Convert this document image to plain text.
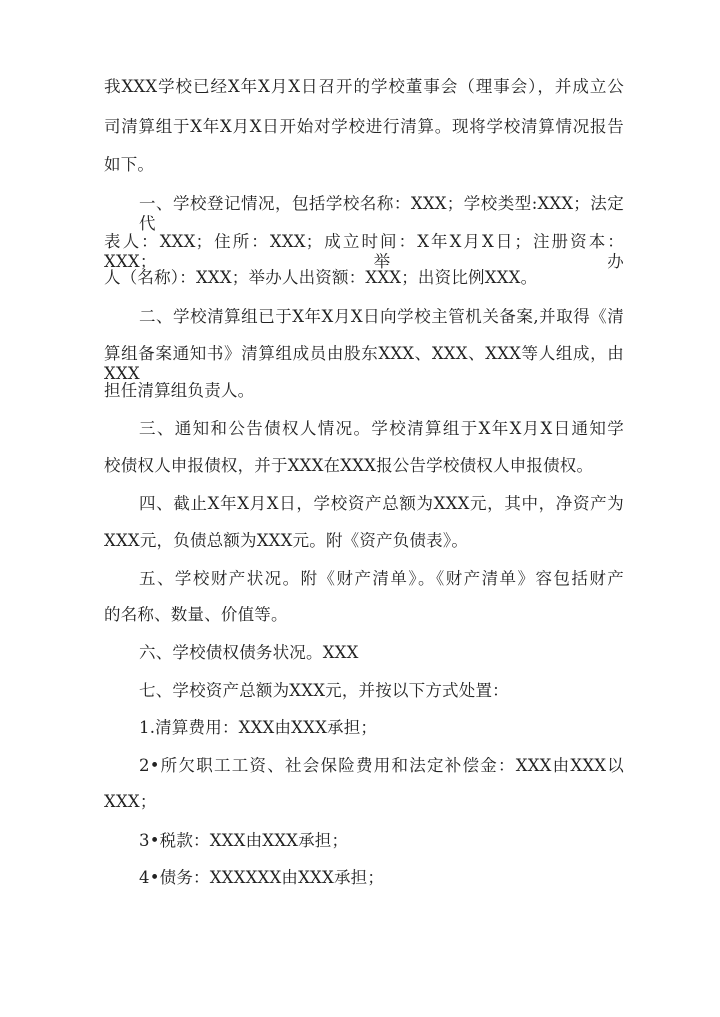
我XXX学校已经X年X月X日召开的学校董事会（理事会），并成立公
司清算组于X年X月X日开始对学校进行清算。现将学校清算情况报告
如下。
一、学校登记情况，包括学校名称：XXX；学校类型:XXX；法定代
表人：XXX；住所：XXX；成立时间：X年X月X日；注册资本：XXX；举办
人（名称）：XXX；举办人出资额：XXX；出资比例XXX。
二、学校清算组已于X年X月X日向学校主管机关备案,并取得《清
算组备案通知书》清算组成员由股东XXX、XXX、XXX等人组成，由XXX
担任清算组负责人。
三、通知和公告债权人情况。学校清算组于X年X月X日通知学
校债权人申报债权，并于XXX在XXX报公告学校债权人申报债权。
四、截止X年X月X日，学校资产总额为XXX元，其中，净资产为
XXX元，负债总额为XXX元。附《资产负债表》。
五、学校财产状况。附《财产清单》。《财产清单》容包括财产
的名称、数量、价值等。
六、学校债权债务状况。XXX
七、学校资产总额为XXX元，并按以下方式处置：
1.清算费用：XXX由XXX承担；
2•所欠职工工资、社会保险费用和法定补偿金：XXX由XXX以
XXX；
3•税款：XXX由XXX承担；
4•债务：XXXXXX由XXX承担；
